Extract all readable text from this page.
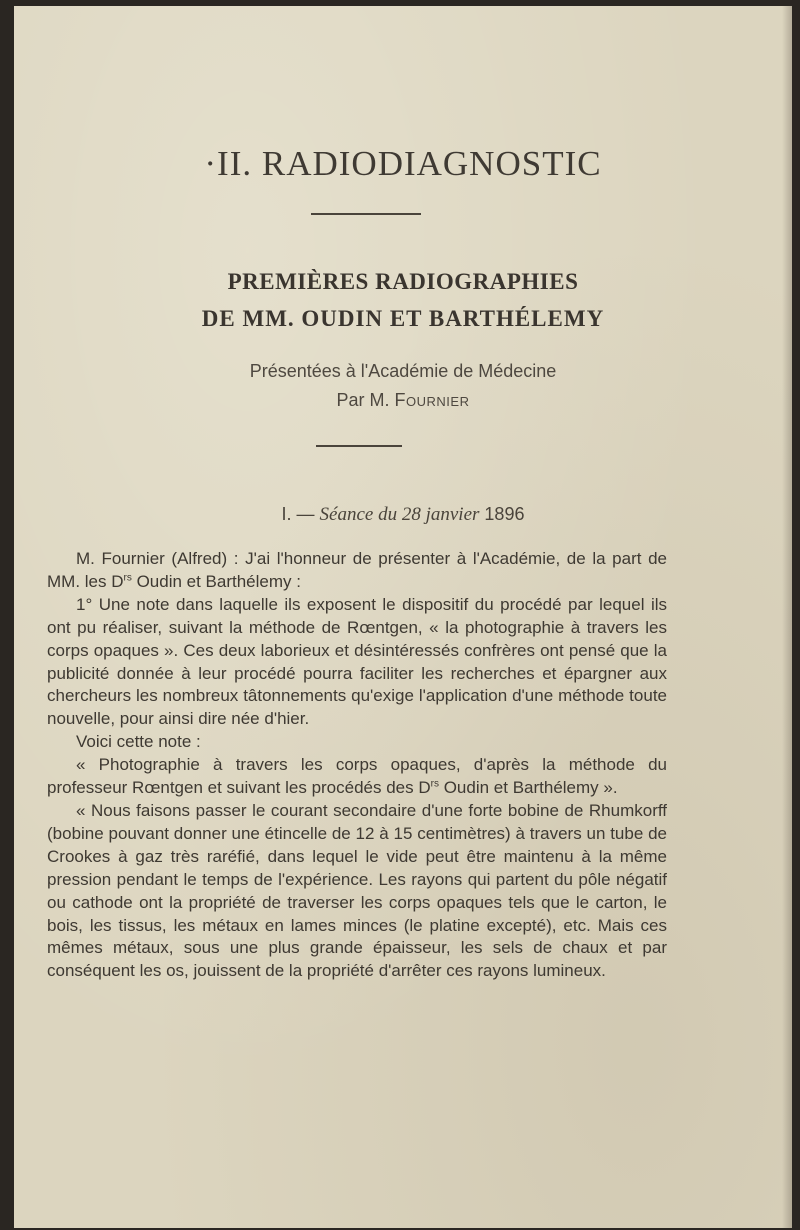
·II. RADIODIAGNOSTIC
PREMIÈRES RADIOGRAPHIES
DE MM. OUDIN ET BARTHÉLEMY
Présentées à l'Académie de Médecine
Par M. Fournier
I. — Séance du 28 janvier 1896

M. Fournier (Alfred) : J'ai l'honneur de présenter à l'Académie, de la part de MM. les $D^{rs}$ Oudin et Barthélemy :

1° Une note dans laquelle ils exposent le dispositif du procédé par lequel ils ont pu réaliser, suivant la méthode de Rœntgen, « la photographie à travers les corps opaques ». Ces deux laborieux et désintéressés confrères ont pensé que la publicité donnée à leur procédé pourra faciliter les recherches et épargner aux chercheurs les nombreux tâtonnements qu'exige l'application d'une méthode toute nouvelle, pour ainsi dire née d'hier.

Voici cette note :

« Photographie à travers les corps opaques, d'après la méthode du professeur Rœntgen et suivant les procédés des $D^{rs}$ Oudin et Barthélemy ».

« Nous faisons passer le courant secondaire d'une forte bobine de Rhumkorff (bobine pouvant donner une étincelle de 12 à 15 centimètres) à travers un tube de Crookes à gaz très raréfié, dans lequel le vide peut être maintenu à la même pression pendant le temps de l'expérience. Les rayons qui partent du pôle négatif ou cathode ont la propriété de traverser les corps opaques tels que le carton, le bois, les tissus, les métaux en lames minces (le platine excepté), etc. Mais ces mêmes métaux, sous une plus grande épaisseur, les sels de chaux et par conséquent les os, jouissent de la propriété d'arrêter ces rayons lumineux.
